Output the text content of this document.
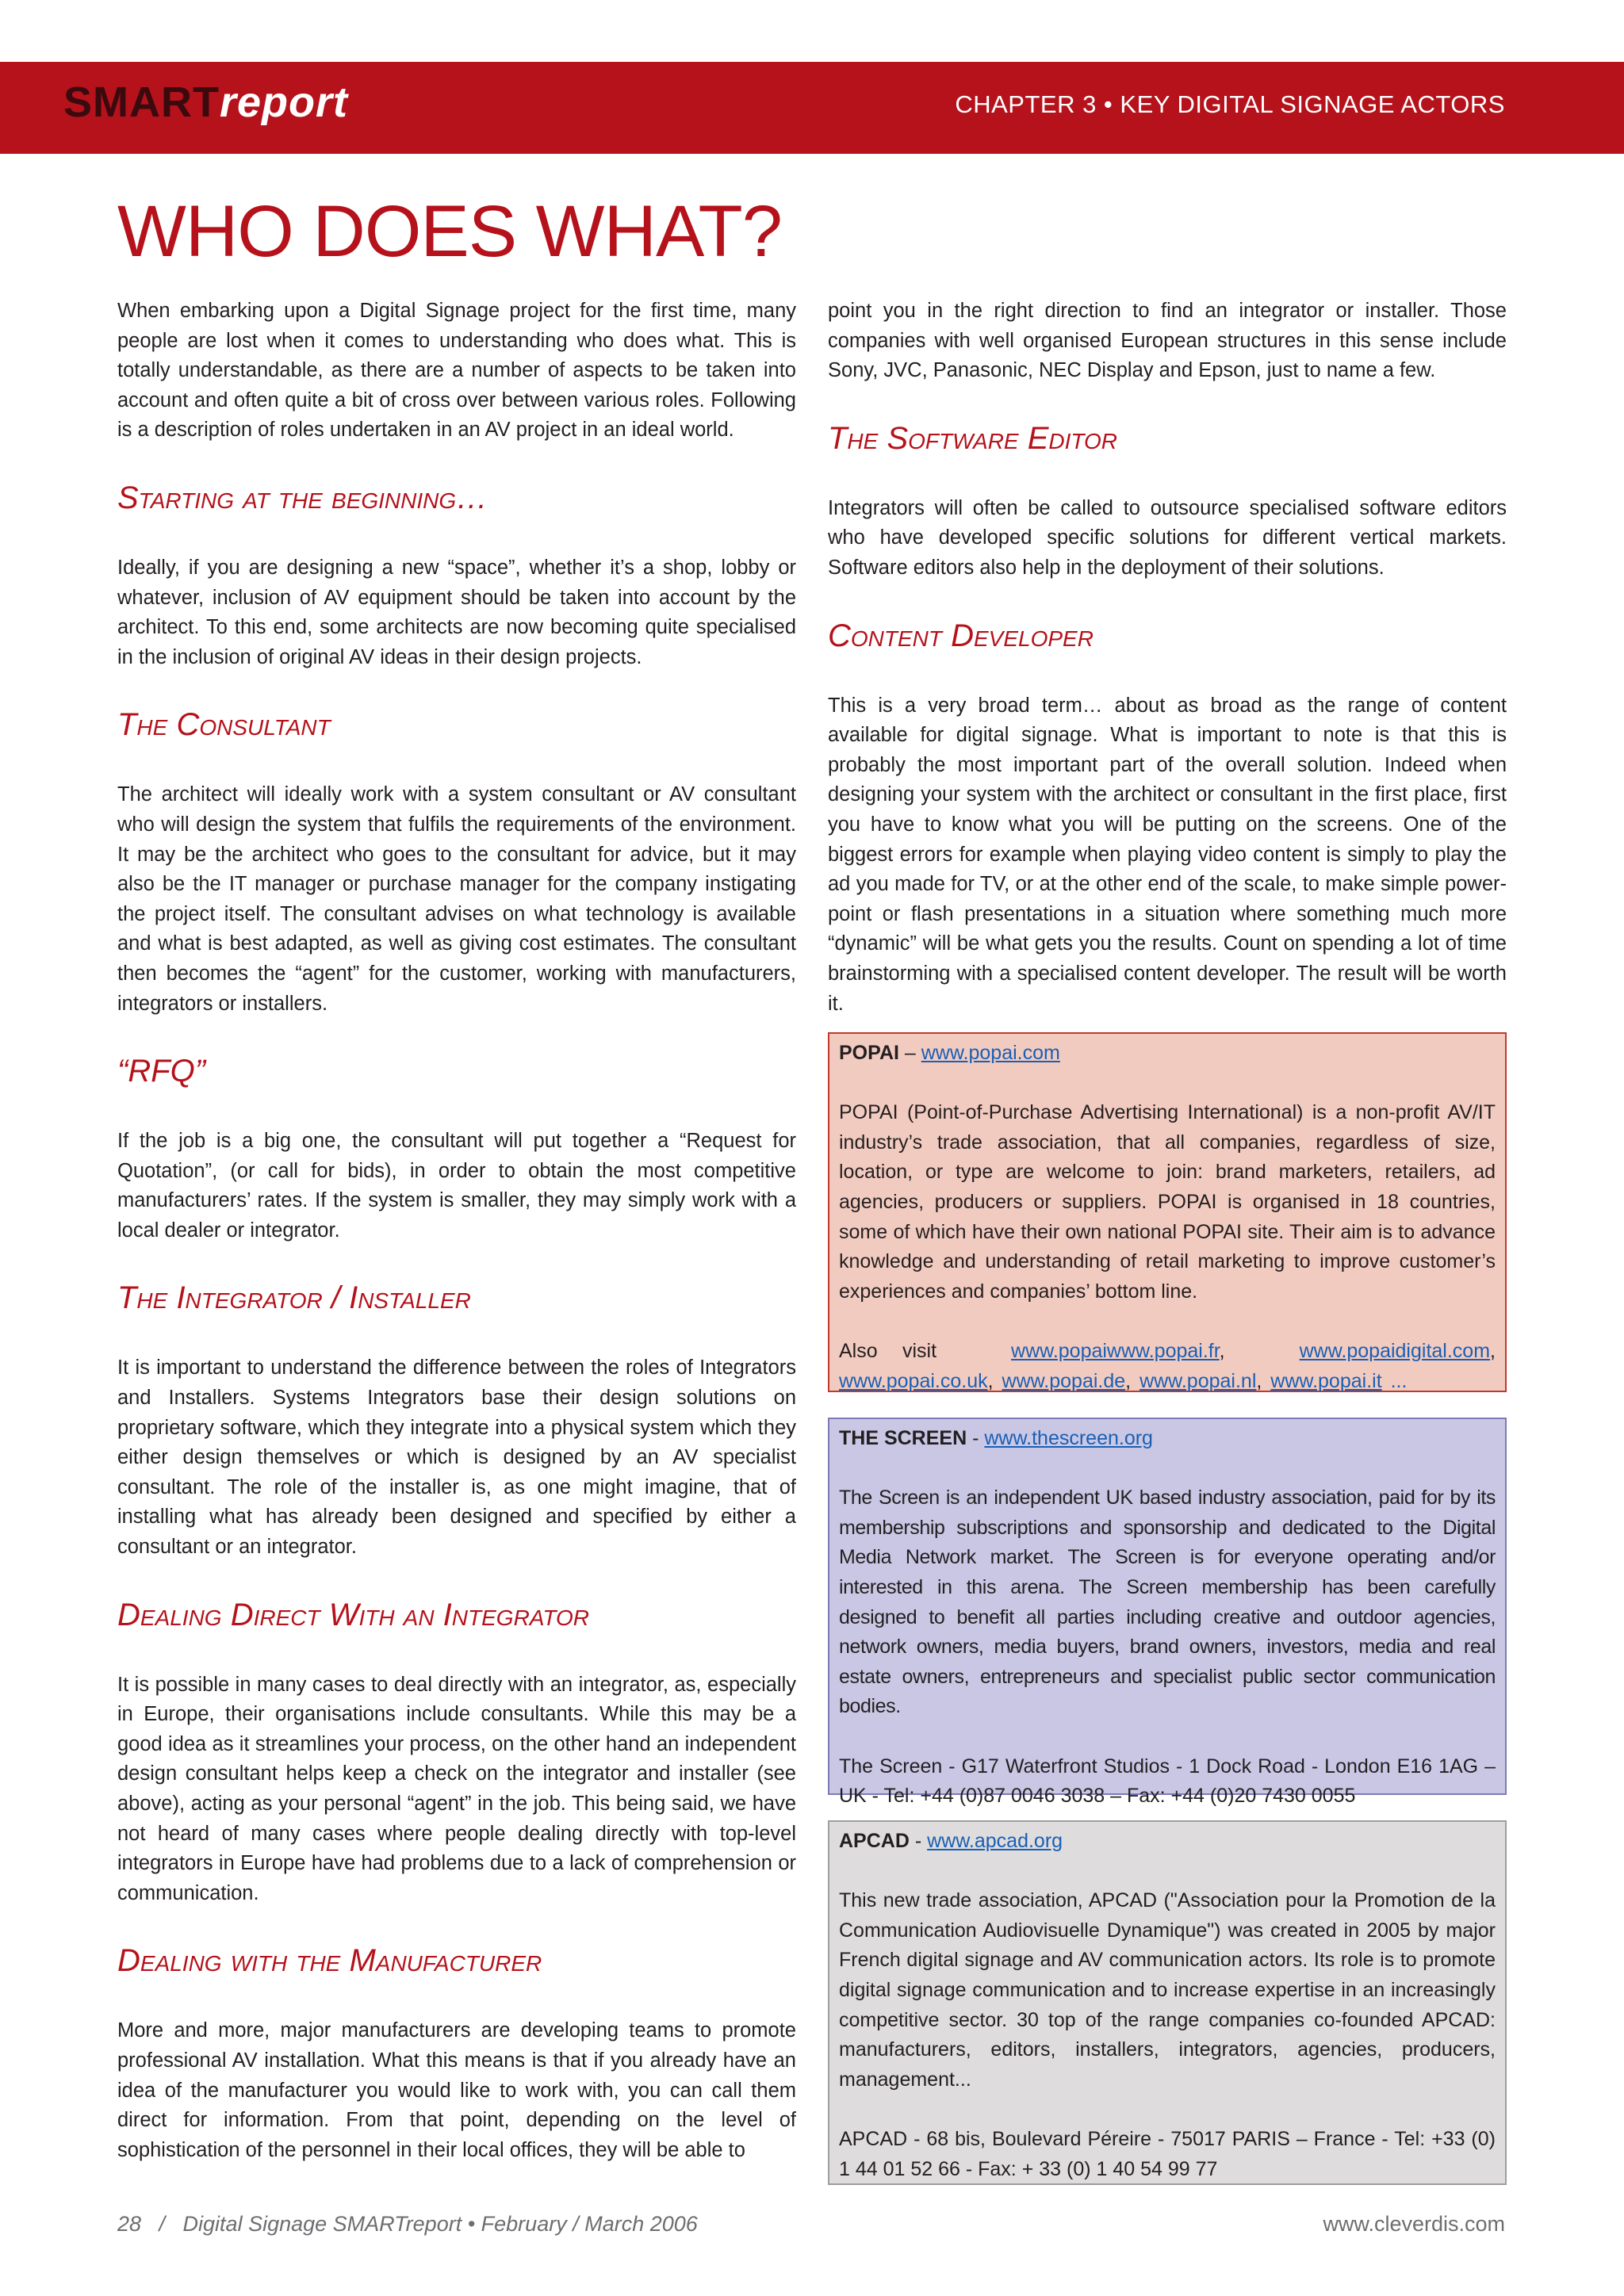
SMARTreport	CHAPTER 3 • KEY DIGITAL SIGNAGE ACTORS
WHO DOES WHAT?

When embarking upon a Digital Signage project for the first time, many people are lost when it comes to understanding who does what. This is totally understandable, as there are a number of aspects to be taken into account and often quite a bit of cross over between various roles. Following is a description of roles undertaken in an AV project in an ideal world.

Starting at the beginning…

Ideally, if you are designing a new “space”, whether it’s a shop, lobby or whatever, inclusion of AV equipment should be taken into account by the architect. To this end, some architects are now becoming quite specialised in the inclusion of original AV ideas in their design projects.

The Consultant

The architect will ideally work with a system consultant or AV consultant who will design the system that fulfils the requirements of the environment. It may be the architect who goes to the consultant for advice, but it may also be the IT manager or purchase manager for the company instigating the project itself. The consultant advises on what technology is available and what is best adapted, as well as giving cost estimates. The consultant then becomes the “agent” for the customer, working with manufacturers, integrators or installers.

“RFQ”

If the job is a big one, the consultant will put together a “Request for Quotation”, (or call for bids), in order to obtain the most competitive manufacturers’ rates. If the system is smaller, they may simply work with a local dealer or integrator.

The Integrator / Installer

It is important to understand the difference between the roles of Integrators and Installers. Systems Integrators base their design solutions on proprietary software, which they integrate into a physical system which they either design themselves or which is designed by an AV specialist consultant. The role of the installer is, as one might imagine, that of installing what has already been designed and specified by either a consultant or an integrator.

Dealing Direct With an Integrator

It is possible in many cases to deal directly with an integrator, as, especially in Europe, their organisations include consultants. While this may be a good idea as it streamlines your process, on the other hand an independent design consultant helps keep a check on the integrator and installer (see above), acting as your personal “agent” in the job. This being said, we have not heard of many cases where people dealing directly with top-level integrators in Europe have had problems due to a lack of comprehension or communication.

Dealing with the Manufacturer

More and more, major manufacturers are developing teams to promote professional AV installation. What this means is that if you already have an idea of the manufacturer you would like to work with, you can call them direct for information. From that point, depending on the level of sophistication of the personnel in their local offices, they will be able to

point you in the right direction to find an integrator or installer. Those companies with well organised European structures in this sense include Sony, JVC, Panasonic, NEC Display and Epson, just to name a few.

The Software Editor

Integrators will often be called to outsource specialised software editors who have developed specific solutions for different vertical markets. Software editors also help in the deployment of their solutions.

Content Developer

This is a very broad term… about as broad as the range of content available for digital signage. What is important to note is that this is probably the most important part of the overall solution. Indeed when designing your system with the architect or consultant in the first place, first you have to know what you will be putting on the screens. One of the biggest errors for example when playing video content is simply to play the ad you made for TV, or at the other end of the scale, to make simple power-point or flash presentations in a situation where something much more “dynamic” will be what gets you the results. Count on spending a lot of time brainstorming with a specialised content developer. The result will be worth it.

POPAI – www.popai.com

POPAI (Point-of-Purchase Advertising International) is a non-profit AV/IT industry’s trade association, that all companies, regardless of size, location, or type are welcome to join: brand marketers, retailers, ad agencies, producers or suppliers. POPAI is organised in 18 countries, some of which have their own national POPAI site. Their aim is to advance knowledge and understanding of retail marketing to improve customer’s experiences and companies’ bottom line.

Also visit	www.popaiwww.popai.fr,   www.popaidigital.com, www.popai.co.uk, www.popai.de, www.popai.nl, www.popai.it ...

THE SCREEN - www.thescreen.org

The Screen is an independent UK based industry association, paid for by its membership subscriptions and sponsorship and dedicated to the Digital Media Network market. The Screen is for everyone operating and/or interested in this arena. The Screen membership has been carefully designed to benefit all parties including creative and outdoor agencies, network owners, media buyers, brand owners, investors, media and real estate owners, entrepreneurs and specialist public sector communication bodies.

The Screen - G17 Waterfront Studios - 1 Dock Road - London E16 1AG – UK - Tel: +44 (0)87 0046 3038 – Fax: +44 (0)20 7430 0055

APCAD - www.apcad.org

This new trade association, APCAD ("Association pour la Promotion de la Communication Audiovisuelle Dynamique") was created in 2005 by major French digital signage and AV communication actors. Its role is to promote digital signage communication and to increase expertise in an increasingly competitive sector. 30 top of the range companies co-founded APCAD: manufacturers, editors, installers, integrators, agencies, producers, management...

APCAD - 68 bis, Boulevard Péreire - 75017 PARIS – France - Tel: +33 (0) 1 44 01 52 66 - Fax: + 33 (0) 1 40 54 99 77

28   /   Digital Signage SMARTreport • February / March 2006	www.cleverdis.com
